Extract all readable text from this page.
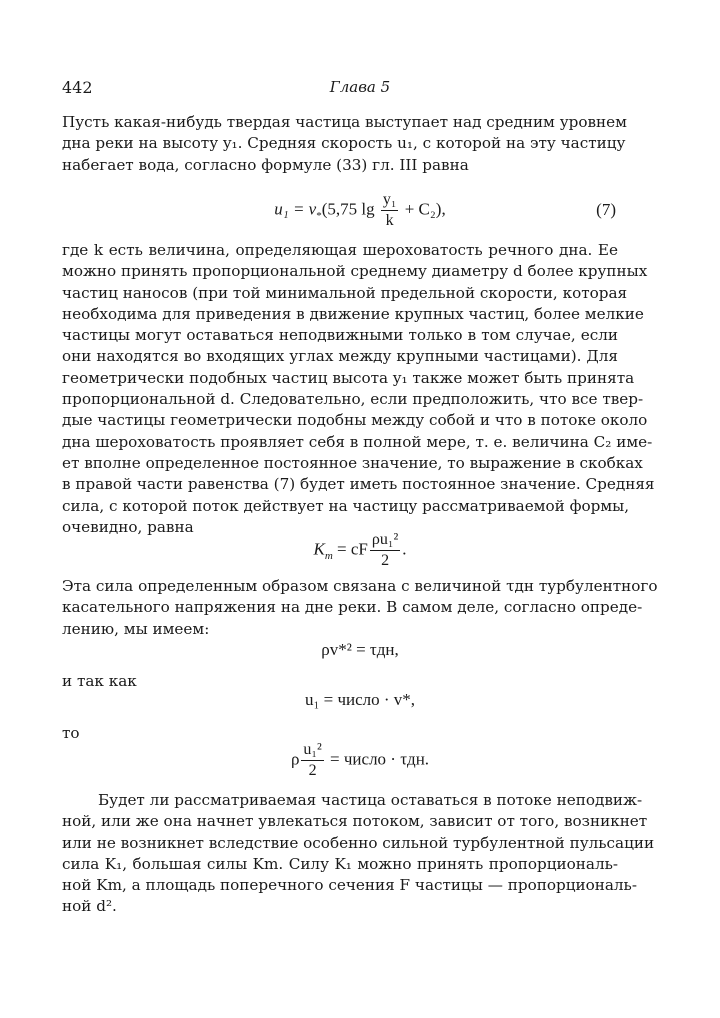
442	Глава 5
Пусть какая-нибудь твердая частица выступает над средним уровнем
дна реки на высоту y₁. Средняя скорость u₁, с которой на эту частицу
набегает вода, согласно формуле (33) гл. III равна
$u_1 = v_*(5,75$ $\lg \frac{\text{y₁}}{k} + C_2$),	(7)
где k есть величина, определяющая шероховатость речного дна. Ее
можно принять пропорциональной среднему диаметру d более крупных
частиц наносов (при той минимальной предельной скорости, которая
необходима для приведения в движение крупных частиц, более мелкие
частицы могут оставаться неподвижными только в том случае, если
они находятся во входящих углах между крупными частицами). Для
геометрически подобных частиц высота y₁ также может быть принята
пропорциональной d. Следовательно, если предположить, что все твер-
дые частицы геометрически подобны между собой и что в потоке около
дна шероховатость проявляет себя в полной мере, т. е. величина C₂ име-
ет вполне определенное постоянное значение, то выражение в скобках
в правой части равенства (7) будет иметь постоянное значение. Средняя
сила, с которой поток действует на частицу рассматриваемой формы,
очевидно, равна
$K_m$ = cF $\frac{\text{ρu₁²}}{2}$ .
Эта сила определенным образом связана с величиной τдн турбулентного
касательного напряжения на дне реки. В самом деле, согласно опреде-
лению, мы имеем:
ρv*² = τдн,
и так как
u₁ = число · v*,
то
ρ $\frac{\text{u₁²}}{2}$ = число · τдн.
Будет ли рассматриваемая частица оставаться в потоке неподвиж-
ной, или же она начнет увлекаться потоком, зависит от того, возникнет
или не возникнет вследствие особенно сильной турбулентной пульсации
сила K₁, большая силы Km. Силу K₁ можно принять пропорциональ-
ной Km, а площадь поперечного сечения F частицы — пропорциональ-
ной d².
